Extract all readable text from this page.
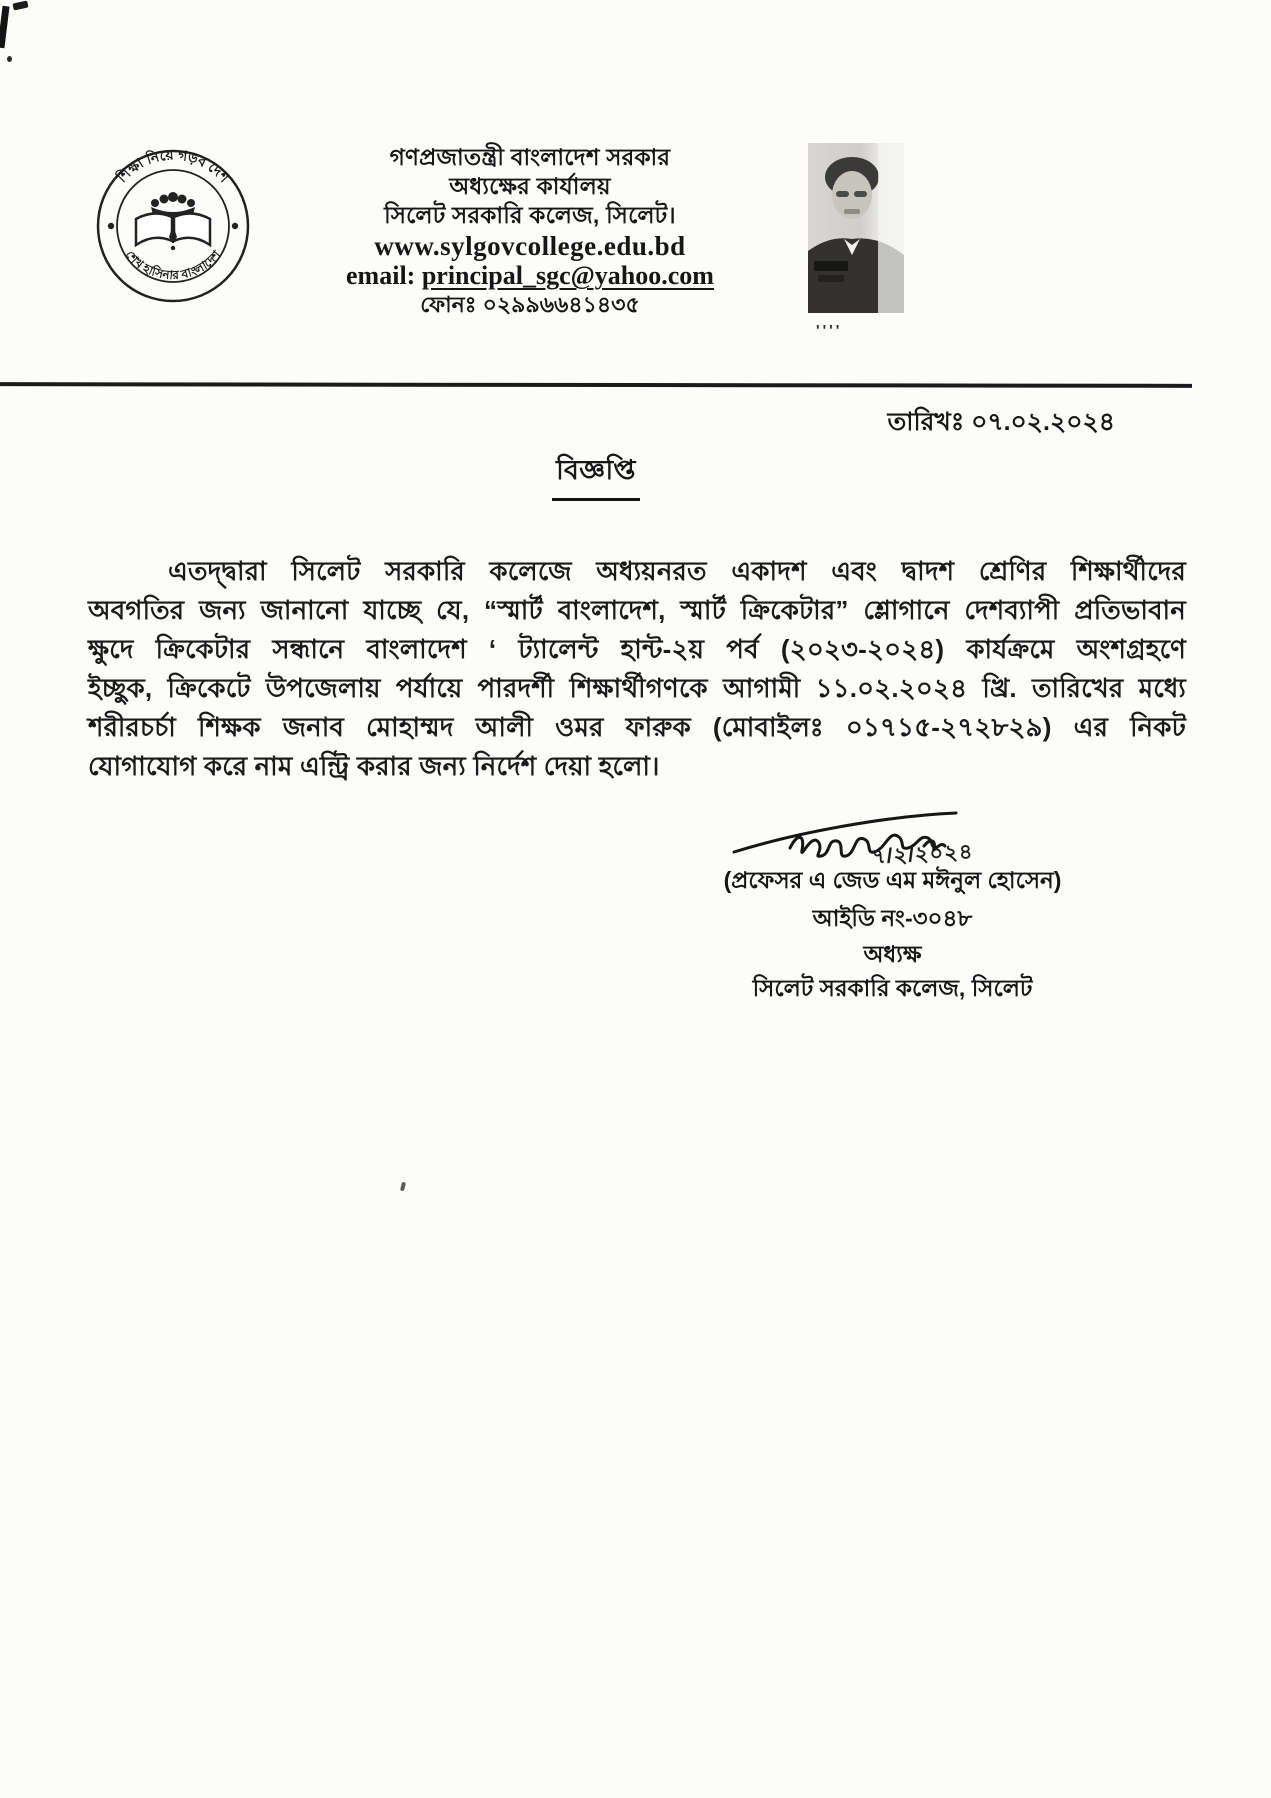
শিক্ষা নিয়ে গড়ব দেশ
শেখ হাসিনার বাংলাদেশ
গণপ্রজাতন্ত্রী বাংলাদেশ সরকার
অধ্যক্ষের কার্যালয়
সিলেট সরকারি কলেজ, সিলেট।
www.sylgovcollege.edu.bd
email: principal_sgc@yahoo.com
ফোনঃ ০২৯৯৬৬৪১৪৩৫
''''
তারিখঃ ০৭.০২.২০২৪
বিজ্ঞপ্তি
এতদ্দ্বারা সিলেট সরকারি কলেজে অধ্যয়নরত একাদশ এবং দ্বাদশ শ্রেণির শিক্ষার্থীদের
অবগতির জন্য জানানো যাচ্ছে যে, “স্মার্ট বাংলাদেশ, স্মার্ট ক্রিকেটার” শ্লোগানে দেশব্যাপী প্রতিভাবান
ক্ষুদে ক্রিকেটার সন্ধানে বাংলাদেশ ‘ ট্যালেন্ট হান্ট-২য় পর্ব (২০২৩-২০২৪) কার্যক্রমে অংশগ্রহণে
ইচ্ছুক, ক্রিকেটে উপজেলায় পর্যায়ে পারদর্শী শিক্ষার্থীগণকে আগামী ১১.০২.২০২৪ খ্রি. তারিখের মধ্যে
শরীরচর্চা শিক্ষক জনাব মোহাম্মদ আলী ওমর ফারুক (মোবাইলঃ ০১৭১৫-২৭২৮২৯) এর নিকট
যোগাযোগ করে নাম এন্ট্রি করার জন্য নির্দেশ দেয়া হলো।
৭/২/২০২৪
(প্রফেসর এ জেড এম মঈনুল হোসেন)
আইডি নং-৩০৪৮
অধ্যক্ষ
সিলেট সরকারি কলেজ, সিলেট
